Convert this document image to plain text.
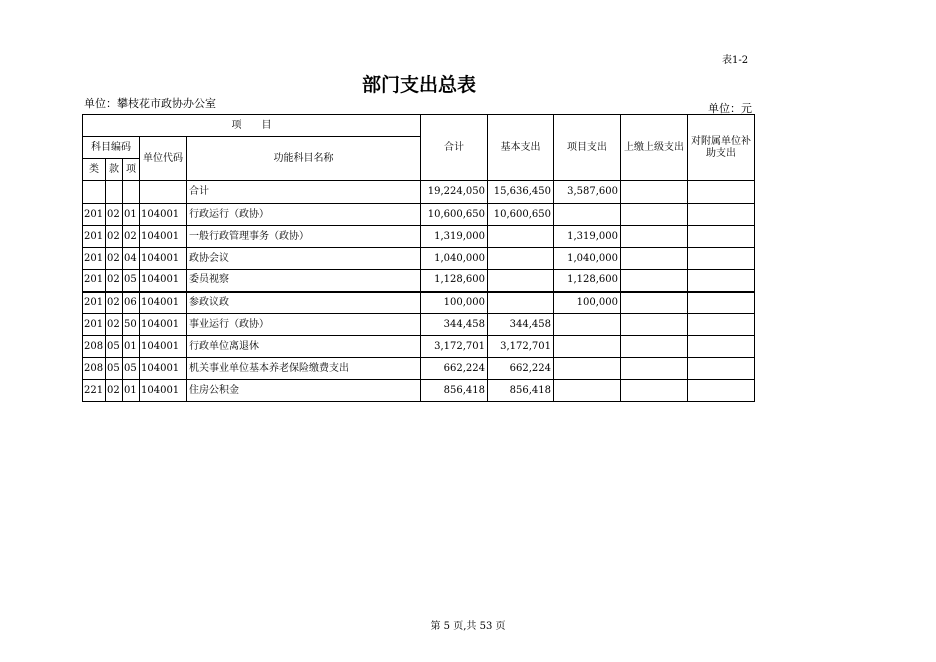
表1-2
部门支出总表
单位：攀枝花市政协办公室	单位：元
项　　目					合计	基本支出	项目支出	上缴上级支出	对附属单位补助支出
科目编码			单位代码	功能科目名称					
类	款	项							
				合计	19,224,050	15,636,450	3,587,600		
201	02	01	104001	行政运行（政协）	10,600,650	10,600,650			
201	02	02	104001	一般行政管理事务（政协）	1,319,000		1,319,000		
201	02	04	104001	政协会议	1,040,000		1,040,000		
201	02	05	104001	委员视察	1,128,600		1,128,600		
201	02	06	104001	参政议政	100,000		100,000		
201	02	50	104001	事业运行（政协）	344,458	344,458			
208	05	01	104001	行政单位离退休	3,172,701	3,172,701			
208	05	05	104001	机关事业单位基本养老保险缴费支出	662,224	662,224			
221	02	01	104001	住房公积金	856,418	856,418			
第 5 页,共 53 页
